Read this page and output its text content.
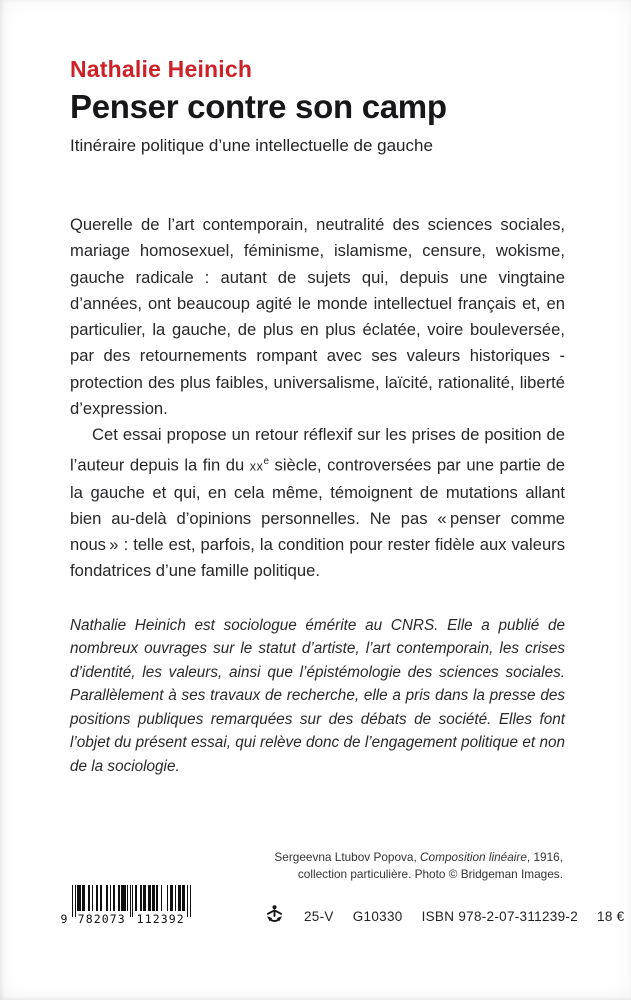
Nathalie Heinich
Penser contre son camp
Itinéraire politique d’une intellectuelle de gauche

Querelle de l’art contemporain, neutralité des sciences sociales, mariage homosexuel, féminisme, islamisme, censure, wokisme, gauche radicale : autant de sujets qui, depuis une vingtaine d’années, ont beaucoup agité le monde intellectuel français et, en particulier, la gauche, de plus en plus éclatée, voire bouleversée, par des retournements rompant avec ses valeurs historiques - protection des plus faibles, universalisme, laïcité, rationalité, liberté d’expression.

Cet essai propose un retour réflexif sur les prises de position de l’auteur depuis la fin du $xx^e$ siècle, controversées par une partie de la gauche et qui, en cela même, témoignent de mutations allant bien au-delà d’opinions personnelles. Ne pas « penser comme nous » : telle est, parfois, la condition pour rester fidèle aux valeurs fondatrices d’une famille politique.

Nathalie Heinich est sociologue émérite au CNRS. Elle a publié de nombreux ouvrages sur le statut d’artiste, l’art contemporain, les crises d’identité, les valeurs, ainsi que l’épistémologie des sciences sociales. Parallèlement à ses travaux de recherche, elle a pris dans la presse des positions publiques remarquées sur des débats de société. Elles font l’objet du présent essai, qui relève donc de l’engagement politique et non de la sociologie.

Sergeevna Ltubov Popova, Composition linéaire, 1916,
collection particulière. Photo © Bridgeman Images.
9 782073 112392	25-V G10330 ISBN 978-2-07-311239-2 18 €
